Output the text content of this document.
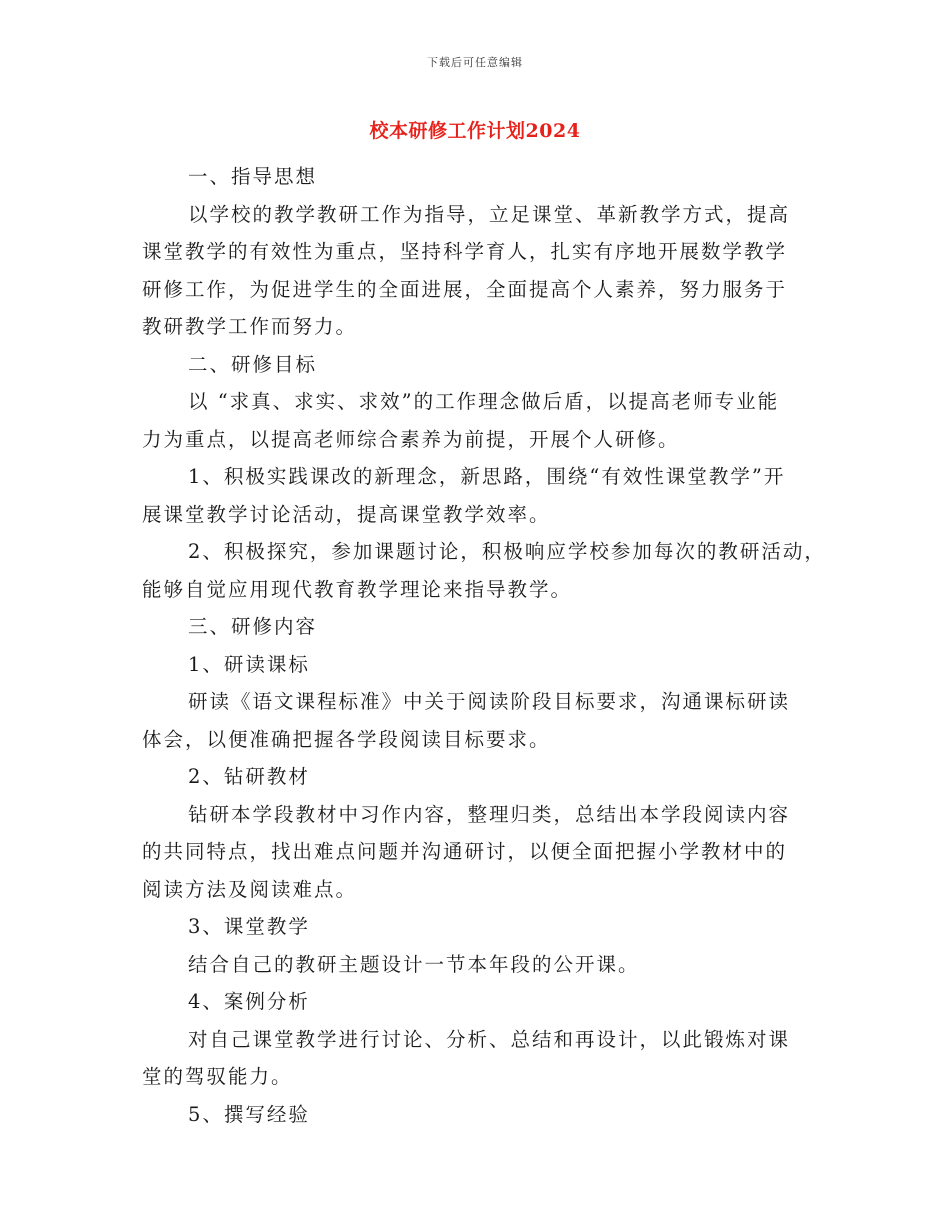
下载后可任意编辑
校本研修工作计划2024
一、指导思想
以学校的教学教研工作为指导，立足课堂、革新教学方式，提高
课堂教学的有效性为重点，坚持科学育人，扎实有序地开展数学教学
研修工作，为促进学生的全面进展，全面提高个人素养，努力服务于
教研教学工作而努力。
二、研修目标
以 “求真、求实、求效”的工作理念做后盾，以提高老师专业能
力为重点，以提高老师综合素养为前提，开展个人研修。
1、积极实践课改的新理念，新思路，围绕“有效性课堂教学”开
展课堂教学讨论活动，提高课堂教学效率。
2、积极探究，参加课题讨论，积极响应学校参加每次的教研活动，
能够自觉应用现代教育教学理论来指导教学。
三、研修内容
1、研读课标
研读《语文课程标准》中关于阅读阶段目标要求，沟通课标研读
体会，以便准确把握各学段阅读目标要求。
2、钻研教材
钻研本学段教材中习作内容，整理归类，总结出本学段阅读内容
的共同特点，找出难点问题并沟通研讨，以便全面把握小学教材中的
阅读方法及阅读难点。
3、课堂教学
结合自己的教研主题设计一节本年段的公开课。
4、案例分析
对自己课堂教学进行讨论、分析、总结和再设计，以此锻炼对课
堂的驾驭能力。
5、撰写经验
